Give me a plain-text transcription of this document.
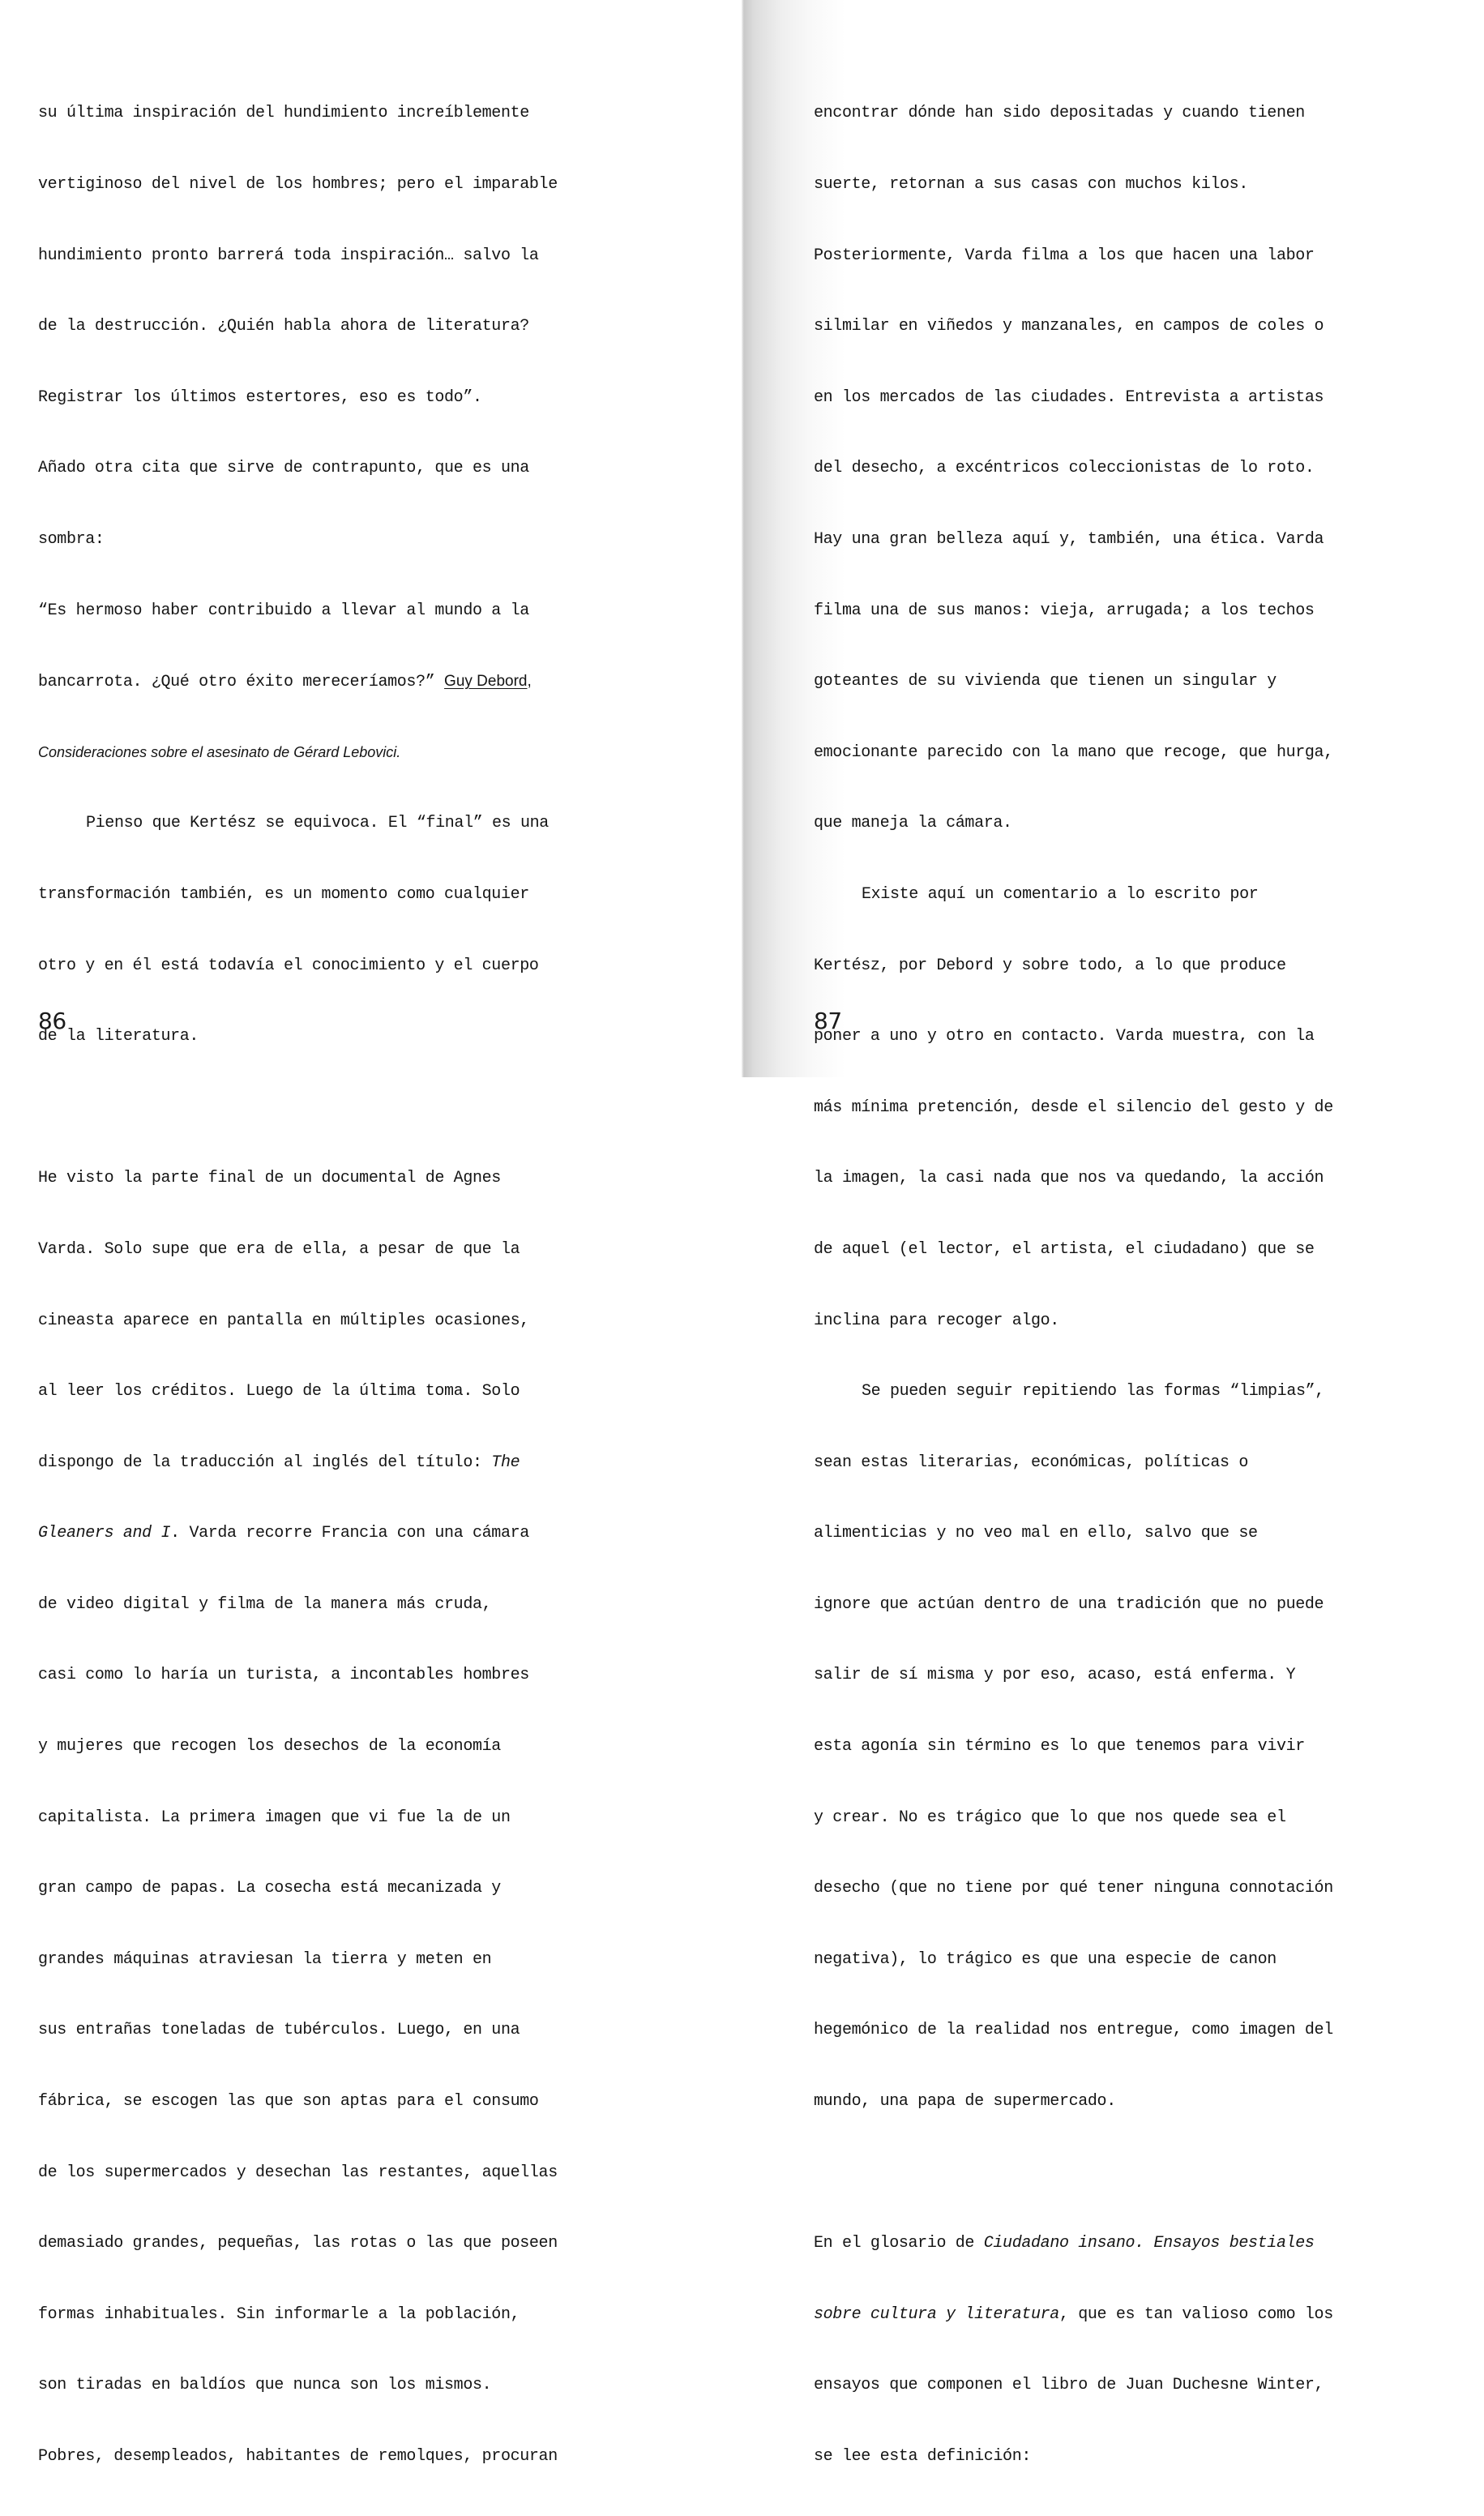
su última inspiración del hundimiento increíblemente

vertiginoso del nivel de los hombres; pero el imparable

hundimiento pronto barrerá toda inspiración… salvo la

de la destrucción. ¿Quién habla ahora de literatura?

Registrar los últimos estertores, eso es todo”.

Añado otra cita que sirve de contrapunto, que es una

sombra:

“Es hermoso haber contribuido a llevar al mundo a la

bancarrota. ¿Qué otro éxito mereceríamos?” Guy Debord,

Consideraciones sobre el asesinato de Gérard Lebovici.

Pienso que Kertész se equivoca. El “final” es una

transformación también, es un momento como cualquier

otro y en él está todavía el conocimiento y el cuerpo

de la literatura.

He visto la parte final de un documental de Agnes

Varda. Solo supe que era de ella, a pesar de que la

cineasta aparece en pantalla en múltiples ocasiones,

al leer los créditos. Luego de la última toma. Solo

dispongo de la traducción al inglés del título: The

Gleaners and I. Varda recorre Francia con una cámara

de video digital y filma de la manera más cruda,

casi como lo haría un turista, a incontables hombres

y mujeres que recogen los desechos de la economía

capitalista. La primera imagen que vi fue la de un

gran campo de papas. La cosecha está mecanizada y

grandes máquinas atraviesan la tierra y meten en

sus entrañas toneladas de tubérculos. Luego, en una

fábrica, se escogen las que son aptas para el consumo

de los supermercados y desechan las restantes, aquellas

demasiado grandes, pequeñas, las rotas o las que poseen

formas inhabituales. Sin informarle a la población,

son tiradas en baldíos que nunca son los mismos.

Pobres, desempleados, habitantes de remolques, procuran

86

encontrar dónde han sido depositadas y cuando tienen

suerte, retornan a sus casas con muchos kilos.

Posteriormente, Varda filma a los que hacen una labor

silmilar en viñedos y manzanales, en campos de coles o

en los mercados de las ciudades. Entrevista a artistas

del desecho, a excéntricos coleccionistas de lo roto.

Hay una gran belleza aquí y, también, una ética. Varda

filma una de sus manos: vieja, arrugada; a los techos

goteantes de su vivienda que tienen un singular y

emocionante parecido con la mano que recoge, que hurga,

que maneja la cámara.

Existe aquí un comentario a lo escrito por

Kertész, por Debord y sobre todo, a lo que produce

poner a uno y otro en contacto. Varda muestra, con la

más mínima pretención, desde el silencio del gesto y de

la imagen, la casi nada que nos va quedando, la acción

de aquel (el lector, el artista, el ciudadano) que se

inclina para recoger algo.

Se pueden seguir repitiendo las formas “limpias”,

sean estas literarias, económicas, políticas o

alimenticias y no veo mal en ello, salvo que se

ignore que actúan dentro de una tradición que no puede

salir de sí misma y por eso, acaso, está enferma. Y

esta agonía sin término es lo que tenemos para vivir

y crear. No es trágico que lo que nos quede sea el

desecho (que no tiene por qué tener ninguna connotación

negativa), lo trágico es que una especie de canon

hegemónico de la realidad nos entregue, como imagen del

mundo, una papa de supermercado.

En el glosario de Ciudadano insano. Ensayos bestiales

sobre cultura y literatura, que es tan valioso como los

ensayos que componen el libro de Juan Duchesne Winter,

se lee esta definición:

87
